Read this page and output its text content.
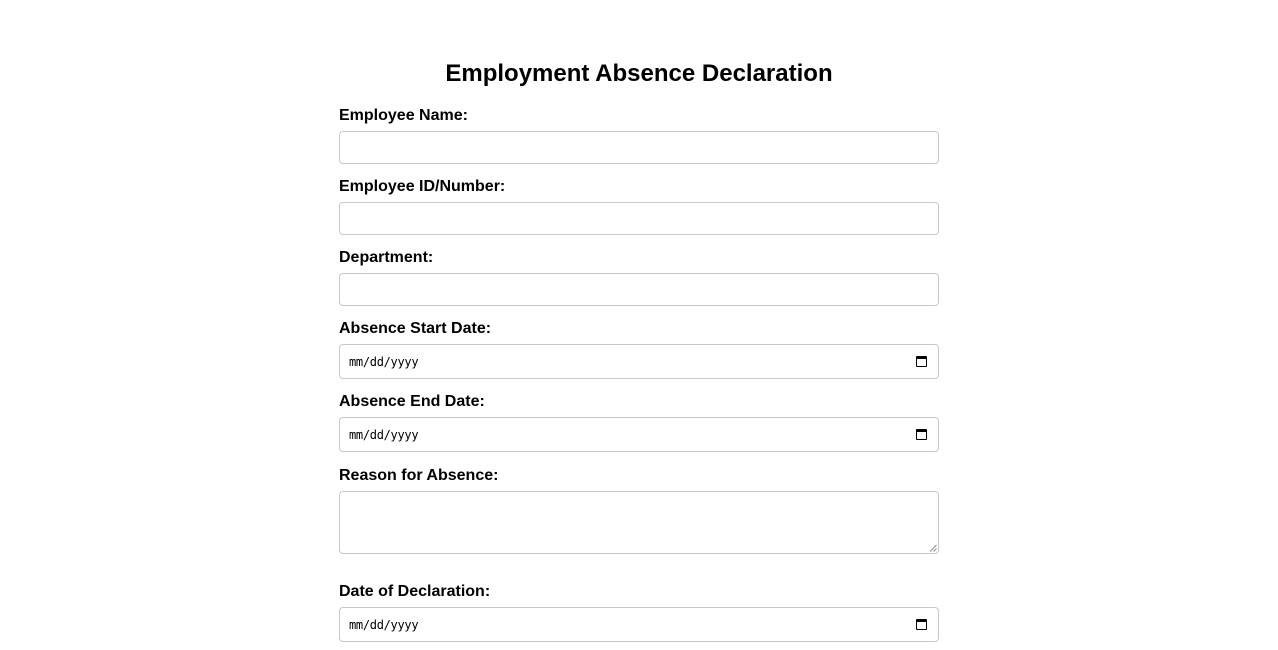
Employment Absence Declaration
Employee Name:
Employee ID/Number:
Department:
Absence Start Date:
mm/dd/yyyy
Absence End Date:
mm/dd/yyyy
Reason for Absence:
Date of Declaration:
mm/dd/yyyy
